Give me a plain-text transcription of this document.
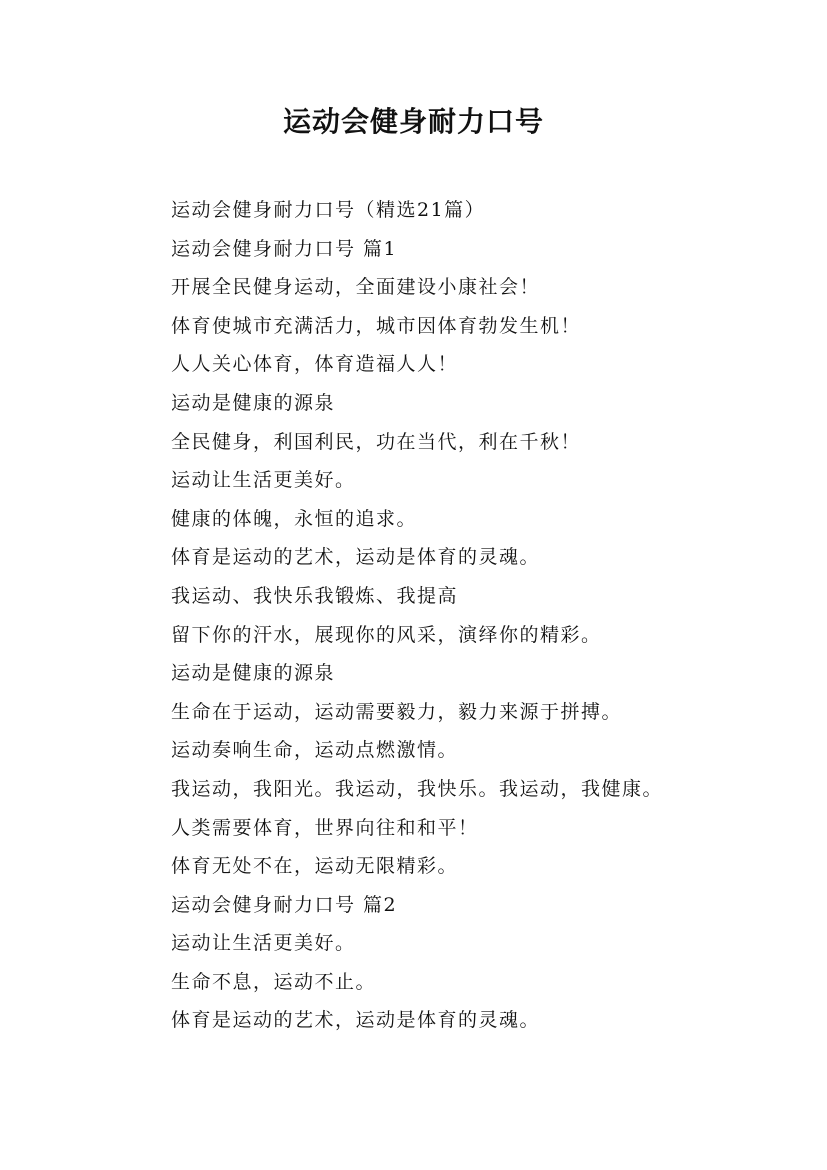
运动会健身耐力口号
运动会健身耐力口号（精选21篇）
运动会健身耐力口号 篇1
开展全民健身运动，全面建设小康社会！
体育使城市充满活力，城市因体育勃发生机！
人人关心体育，体育造福人人！
运动是健康的源泉
全民健身，利国利民，功在当代，利在千秋！
运动让生活更美好。
健康的体魄，永恒的追求。
体育是运动的艺术，运动是体育的灵魂。
我运动、我快乐我锻炼、我提高
留下你的汗水，展现你的风采，演绎你的精彩。
运动是健康的源泉
生命在于运动，运动需要毅力，毅力来源于拼搏。
运动奏响生命，运动点燃激情。
我运动，我阳光。我运动，我快乐。我运动，我健康。
人类需要体育，世界向往和和平！
体育无处不在，运动无限精彩。
运动会健身耐力口号 篇2
运动让生活更美好。
生命不息，运动不止。
体育是运动的艺术，运动是体育的灵魂。
